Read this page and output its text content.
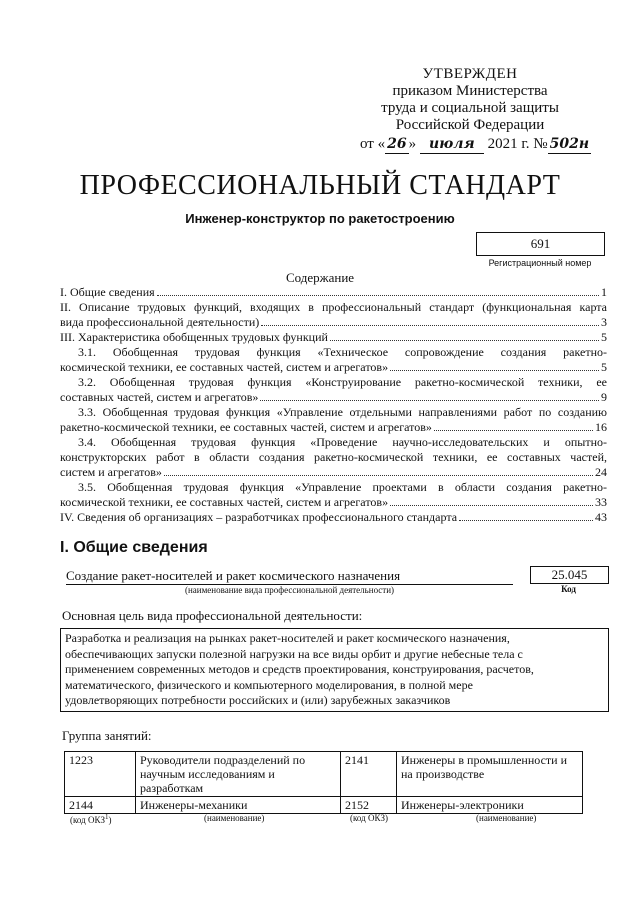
УТВЕРЖДЕН
приказом Министерства
труда и социальной защиты
Российской Федерации
от « 26 » июля 2021 г. № 502н
ПРОФЕССИОНАЛЬНЫЙ СТАНДАРТ
Инженер-конструктор по ракетостроению
691
Регистрационный номер
Содержание
I. Общие сведения	1
II. Описание трудовых функций, входящих в профессиональный стандарт (функциональная карта
вида профессиональной деятельности)	3
III. Характеристика обобщенных трудовых функций	5
3.1. Обобщенная трудовая функция «Техническое сопровождение создания ракетно-
космической техники, ее составных частей, систем и агрегатов»	5
3.2. Обобщенная трудовая функция «Конструирование ракетно-космической техники, ее
составных частей, систем и агрегатов»	9
3.3. Обобщенная трудовая функция «Управление отдельными направлениями работ по созданию
ракетно-космической техники, ее составных частей, систем и агрегатов»	16
3.4. Обобщенная трудовая функция «Проведение научно-исследовательских и опытно-
конструкторских работ в области создания ракетно-космической техники, ее составных частей,
систем и агрегатов»	24
3.5. Обобщенная трудовая функция «Управление проектами в области создания ракетно-
космической техники, ее составных частей, систем и агрегатов»	33
IV. Сведения об организациях – разработчиках профессионального стандарта	43
I. Общие сведения
Создание ракет-носителей и ракет космического назначения
(наименование вида профессиональной деятельности)
25.045
Код
Основная цель вида профессиональной деятельности:
Разработка и реализация на рынках ракет-носителей и ракет космического назначения,
обеспечивающих запуски полезной нагрузки на все виды орбит и другие небесные тела с
применением современных методов и средств проектирования, конструирования, расчетов,
математического, физического и компьютерного моделирования, в полной мере
удовлетворяющих потребности российских и (или) зарубежных заказчиков
Группа занятий:
1223	Руководители подразделений по научным исследованиям и разработкам	2141	Инженеры в промышленности и на производстве
2144	Инженеры-механики	2152	Инженеры-электроники
(код ОКЗ$^1$)	(наименование)	(код ОКЗ)	(наименование)
